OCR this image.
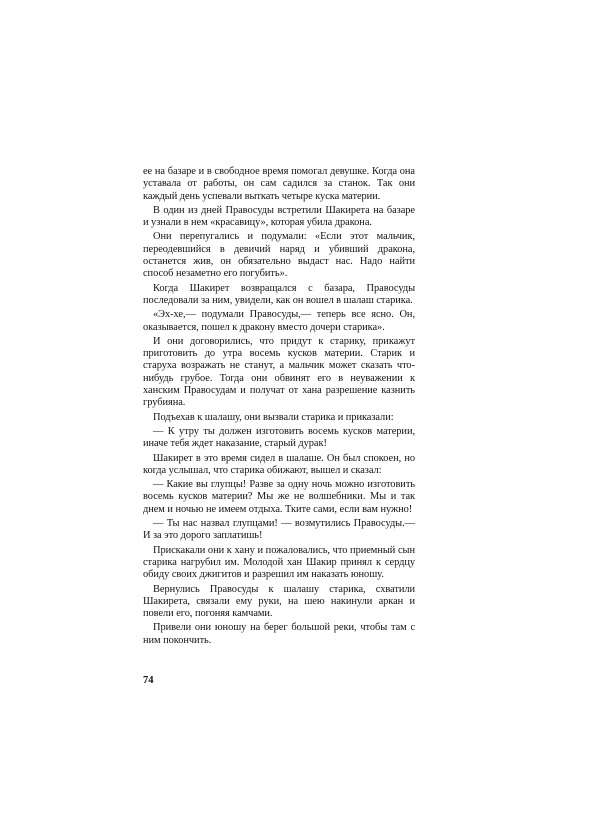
ее на базаре и в свободное время помогал девушке. Когда она уставала от работы, он сам садился за станок. Так они каждый день успевали выткать четыре куска материи.

В один из дней Правосуды встретили Шакирета на базаре и узнали в нем «красавицу», которая убила дракона.

Они перепугались и подумали: «Если этот мальчик, переодевшийся в девичий наряд и убивший дракона, останется жив, он обязательно выдаст нас. Надо найти способ незаметно его погубить».

Когда Шакирет возвращался с базара, Правосуды последовали за ним, увидели, как он вошел в шалаш старика.

«Эх-хе,— подумали Правосуды,— теперь все ясно. Он, оказывается, пошел к дракону вместо дочери старика».

И они договорились, что придут к старику, прикажут приготовить до утра восемь кусков материи. Старик и старуха возражать не станут, а мальчик может сказать что-нибудь грубое. Тогда они обвинят его в неуважении к ханским Правосудам и получат от хана разрешение казнить грубияна.

Подъехав к шалашу, они вызвали старика и приказали:

— К утру ты должен изготовить восемь кусков материи, иначе тебя ждет наказание, старый дурак!

Шакирет в это время сидел в шалаше. Он был спокоен, но когда услышал, что старика обижают, вышел и сказал:

— Какие вы глупцы! Разве за одну ночь можно изготовить восемь кусков материи? Мы же не волшебники. Мы и так днем и ночью не имеем отдыха. Тките сами, если вам нужно!

— Ты нас назвал глупцами! — возмутились Правосуды.— И за это дорого заплатишь!

Прискакали они к хану и пожаловались, что приемный сын старика нагрубил им. Молодой хан Шакир принял к сердцу обиду своих джигитов и разрешил им наказать юношу.

Вернулись Правосуды к шалашу старика, схватили Шакирета, связали ему руки, на шею накинули аркан и повели его, погоняя камчами.

Привели они юношу на берег большой реки, чтобы там с ним покончить.

74
